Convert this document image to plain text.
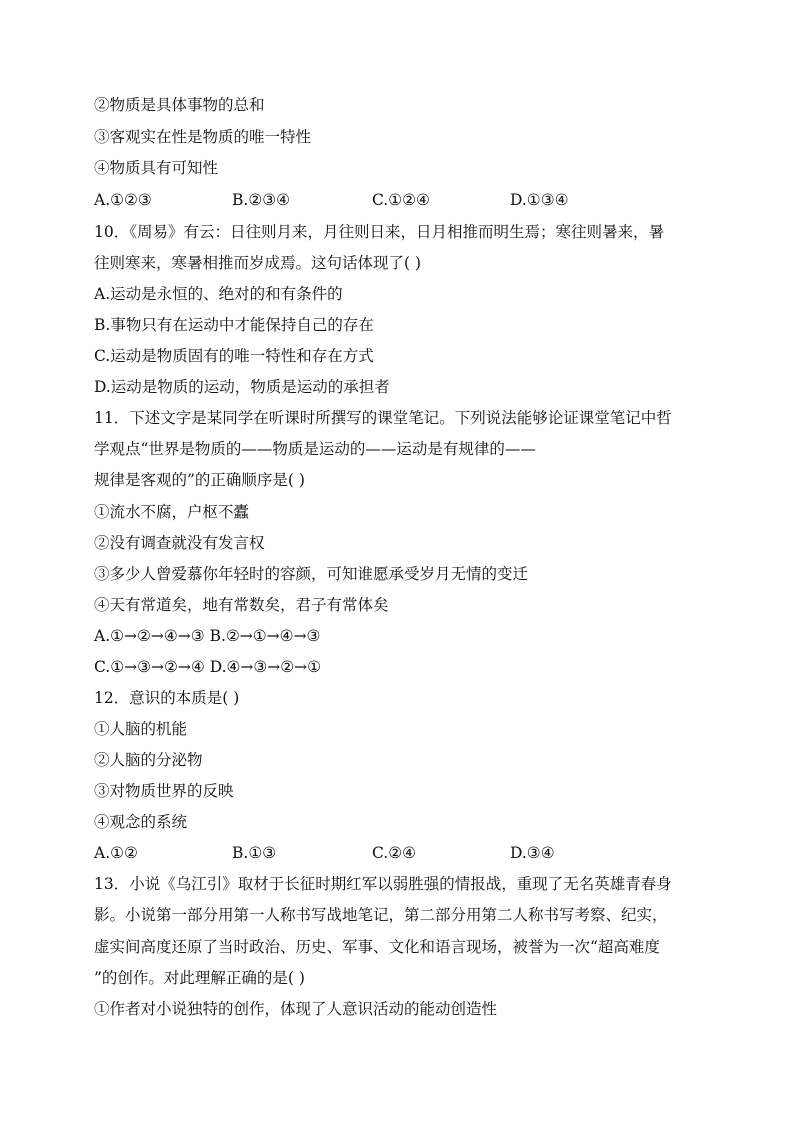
②物质是具体事物的总和
③客观实在性是物质的唯一特性
④物质具有可知性
A.①②③	B.②③④	C.①②④	D.①③④
10．《周易》有云：日往则月来，月往则日来，日月相推而明生焉；寒往则暑来，暑
往则寒来，寒暑相推而岁成焉。这句话体现了( )
A.运动是永恒的、绝对的和有条件的
B.事物只有在运动中才能保持自己的存在
C.运动是物质固有的唯一特性和存在方式
D.运动是物质的运动，物质是运动的承担者
11．下述文字是某同学在听课时所撰写的课堂笔记。下列说法能够论证课堂笔记中哲
学观点“世界是物质的——物质是运动的——运动是有规律的——
规律是客观的”的正确顺序是( )
①流水不腐，户枢不蠹
②没有调查就没有发言权
③多少人曾爱慕你年轻时的容颜，可知谁愿承受岁月无情的变迁
④天有常道矣，地有常数矣，君子有常体矣
A.①→②→④→③ B.②→①→④→③
C.①→③→②→④ D.④→③→②→①
12．意识的本质是( )
①人脑的机能
②人脑的分泌物
③对物质世界的反映
④观念的系统
A.①②	B.①③	C.②④	D.③④
13．小说《乌江引》取材于长征时期红军以弱胜强的情报战，重现了无名英雄青春身
影。小说第一部分用第一人称书写战地笔记，第二部分用第二人称书写考察、纪实，
虚实间高度还原了当时政治、历史、军事、文化和语言现场，被誉为一次“超高难度
”的创作。对此理解正确的是( )
①作者对小说独特的创作，体现了人意识活动的能动创造性
